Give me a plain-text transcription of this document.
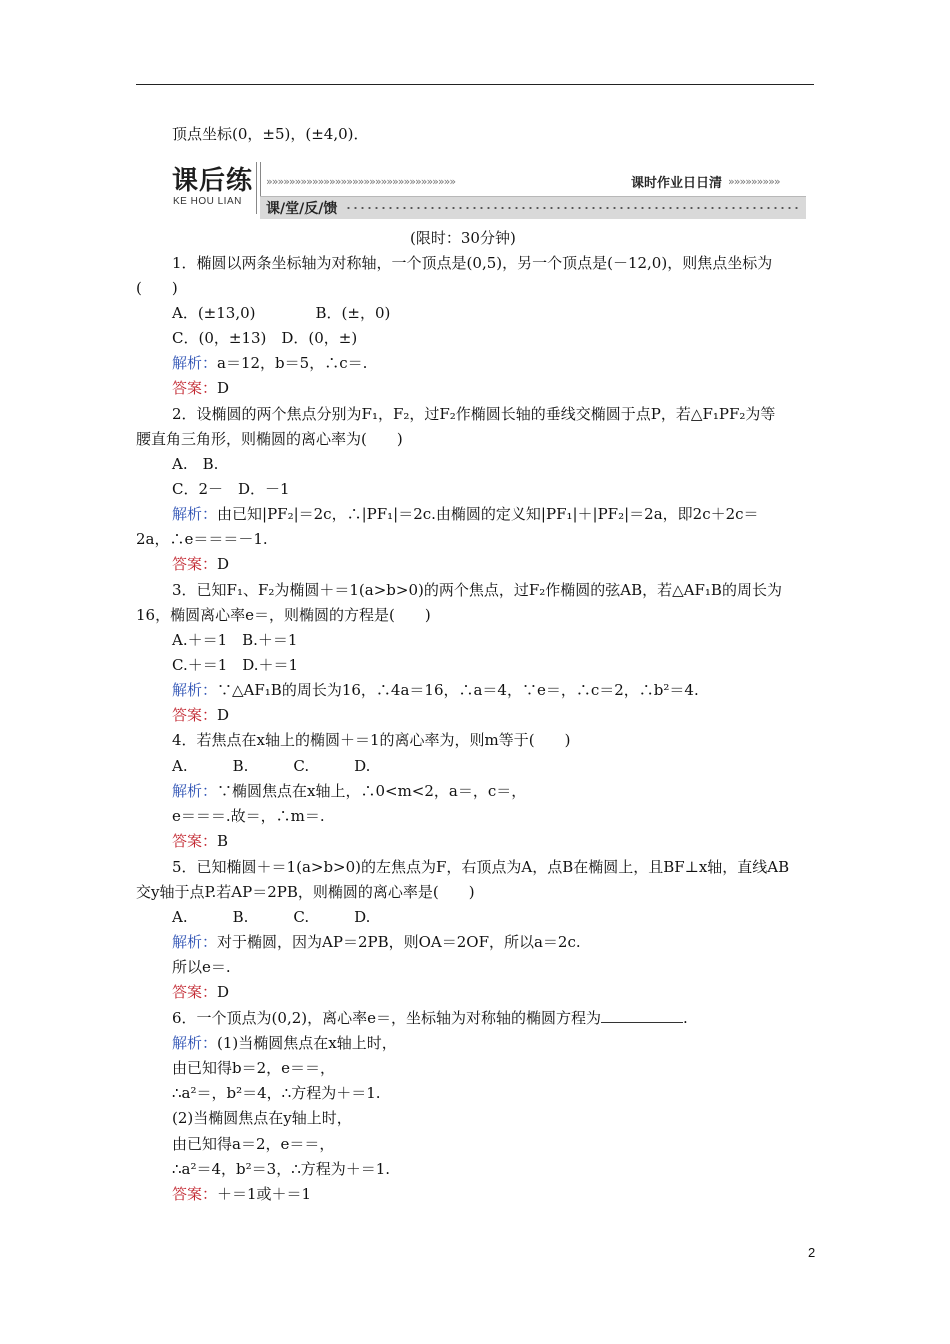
顶点坐标(0，±5)，(±4,0)．
课后练
KE HOU LIAN
»»»»»»»»»»»»»»»»»»»»»»»»»»»»»»»»»	课时作业日日清 »»»»»»»»»
课/堂/反/馈
(限时：30分钟)
1．椭圆以两条坐标轴为对称轴，一个顶点是(0,5)，另一个顶点是(－12,0)，则焦点坐标为
(　　)
A．(±13,0)　　　　B．(±，0)
C．(0，±13)　D．(0，±)
解析：a＝12，b＝5，∴c＝.
答案：D
2．设椭圆的两个焦点分别为F₁，F₂，过F₂作椭圆长轴的垂线交椭圆于点P，若△F₁PF₂为等
腰直角三角形，则椭圆的离心率为(　　)
A.　B.
C．2－　D．－1
解析：由已知|PF₂|＝2c，∴|PF₁|＝2c.由椭圆的定义知|PF₁|＋|PF₂|＝2a，即2c＋2c＝
2a，∴e＝＝＝－1.
答案：D
3．已知F₁、F₂为椭圆＋＝1(a>b>0)的两个焦点，过F₂作椭圆的弦AB，若△AF₁B的周长为
16，椭圆离心率e＝，则椭圆的方程是(　　)
A.＋＝1　B.＋＝1
C.＋＝1　D.＋＝1
解析：∵△AF₁B的周长为16，∴4a＝16，∴a＝4，∵e＝，∴c＝2，∴b²＝4.
答案：D
4．若焦点在x轴上的椭圆＋＝1的离心率为，则m等于(　　)
A.　　　B.　　　C.　　　D.
解析：∵椭圆焦点在x轴上，∴0<m<2，a＝，c＝，
e＝＝＝.故＝，∴m＝.
答案：B
5．已知椭圆＋＝1(a>b>0)的左焦点为F，右顶点为A，点B在椭圆上，且BF⊥x轴，直线AB
交y轴于点P.若AP＝2PB，则椭圆的离心率是(　　)
A.　　　B.　　　C.　　　D.
解析：对于椭圆，因为AP＝2PB，则OA＝2OF，所以a＝2c.
所以e＝.
答案：D
6．一个顶点为(0,2)，离心率e＝，坐标轴为对称轴的椭圆方程为	.
解析：(1)当椭圆焦点在x轴上时，
由已知得b＝2，e＝＝，
∴a²＝，b²＝4，∴方程为＋＝1.
(2)当椭圆焦点在y轴上时，
由已知得a＝2，e＝＝，
∴a²＝4，b²＝3，∴方程为＋＝1.
答案：＋＝1或＋＝1
2
